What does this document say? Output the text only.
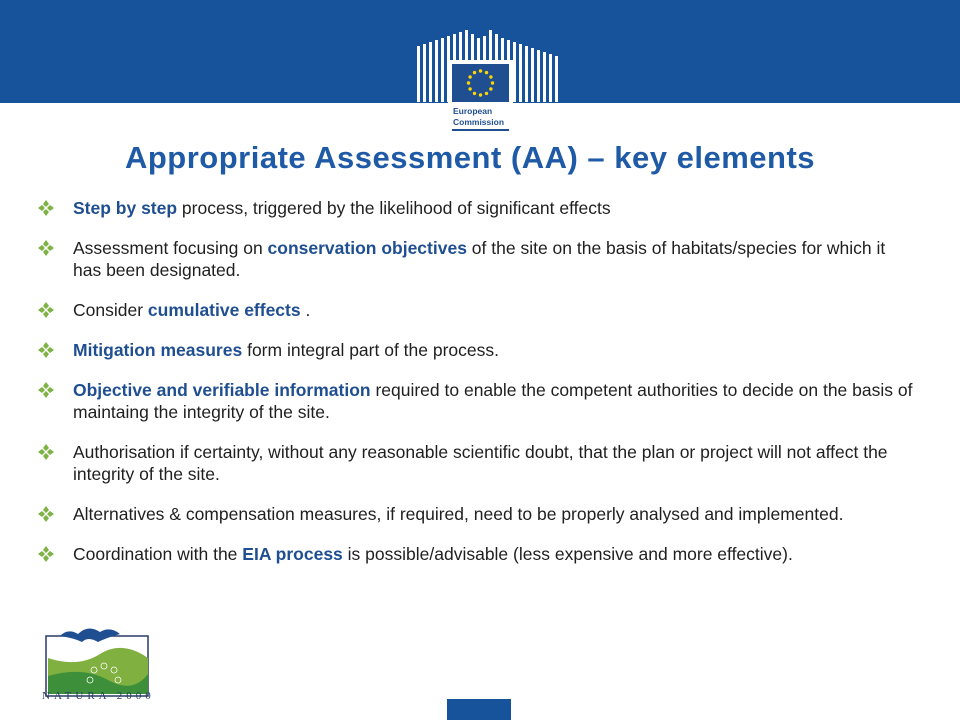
European
Commission
Appropriate Assessment (AA) – key elements
Step by step process, triggered by the likelihood of significant effects
Assessment focusing on conservation objectives of the site on the basis of habitats/species for which it has been designated.
Consider cumulative effects .
Mitigation measures form integral part of the process.
Objective and verifiable information required to enable the competent authorities to decide on the basis of maintaing the integrity of the site.
Authorisation if certainty, without any reasonable scientific doubt, that the plan or project will not affect the integrity of the site.
Alternatives & compensation measures, if required, need to be properly analysed and implemented.
Coordination with the EIA process is possible/advisable (less expensive and more effective).
NATURA 2000
